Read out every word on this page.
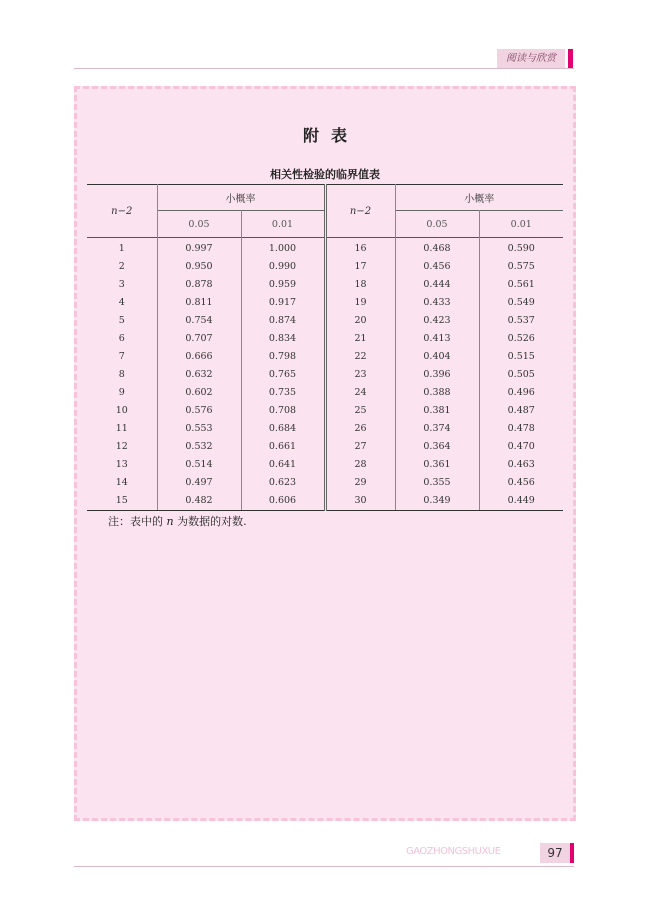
阅读与欣赏
附表
相关性检验的临界值表
n−2	小概率		n−2	小概率	
	0.05	0.01		0.05	0.01
1	0.997	1.000	16	0.468	0.590
2	0.950	0.990	17	0.456	0.575
3	0.878	0.959	18	0.444	0.561
4	0.811	0.917	19	0.433	0.549
5	0.754	0.874	20	0.423	0.537
6	0.707	0.834	21	0.413	0.526
7	0.666	0.798	22	0.404	0.515
8	0.632	0.765	23	0.396	0.505
9	0.602	0.735	24	0.388	0.496
10	0.576	0.708	25	0.381	0.487
11	0.553	0.684	26	0.374	0.478
12	0.532	0.661	27	0.364	0.470
13	0.514	0.641	28	0.361	0.463
14	0.497	0.623	29	0.355	0.456
15	0.482	0.606	30	0.349	0.449
注：表中的 n 为数据的对数.
GAOZHONGSHUXUE	97
